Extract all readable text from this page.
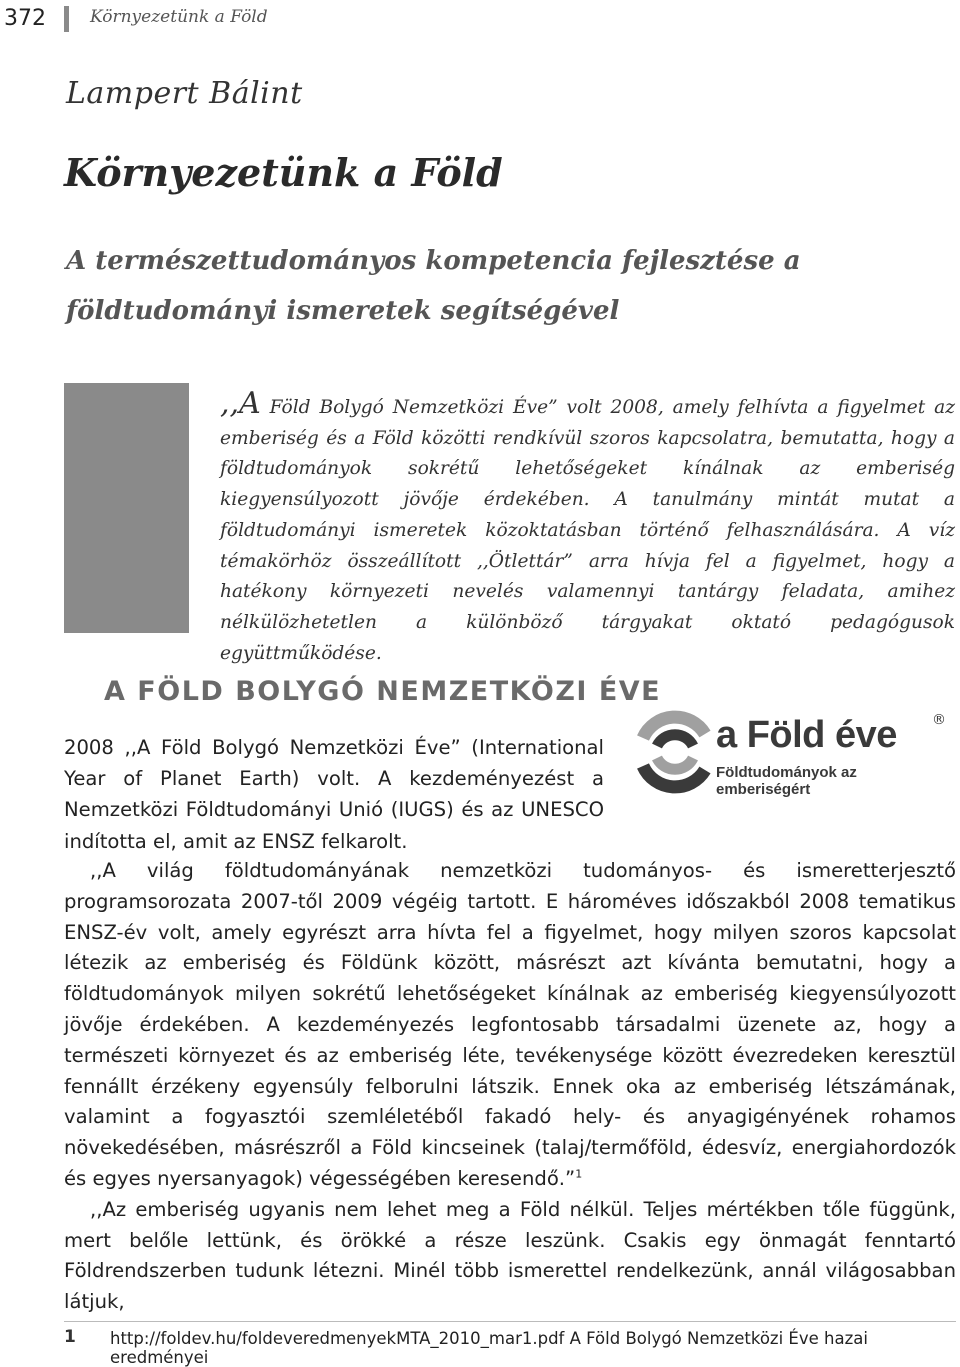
372	Környezetünk a Föld
Lampert Bálint
Környezetünk a Föld
A természettudományos kompetencia fejlesztése a földtudományi ismeretek segítségével
,,A Föld Bolygó Nemzetközi Éve” volt 2008, amely felhívta a figyelmet az emberiség és a Föld közötti rendkívül szoros kapcsolatra, bemutatta, hogy a földtudományok sokrétű lehetőségeket kínálnak az emberiség kiegyensúlyozott jövője érdekében. A tanulmány mintát mutat a földtudományi ismeretek közoktatásban történő felhasználására. A víz témakörhöz összeállított ,,Ötlettár” arra hívja fel a figyelmet, hogy a hatékony környezeti nevelés valamennyi tantárgy feladata, amihez nélkülözhetetlen a különböző tárgyakat oktató pedagógusok együttműködése.
A FÖLD BOLYGÓ NEMZETKÖZI ÉVE
2008 ,,A Föld Bolygó Nemzetközi Éve” (International Year of Planet Earth) volt. A kezdeményezést a Nemzetközi Földtudományi Unió (IUGS) és az UNESCO indította el, amit az ENSZ felkarolt.
a Föld éve	®
Földtudományok az emberiségért

,,A világ földtudományának nemzetközi tudományos- és ismeretterjesztő programsorozata 2007-től 2009 végéig tartott. E hároméves időszakból 2008 tematikus ENSZ-év volt, amely egyrészt arra hívta fel a figyelmet, hogy milyen szoros kapcsolat létezik az emberiség és Földünk között, másrészt azt kívánta bemutatni, hogy a földtudományok milyen sokrétű lehetőségeket kínálnak az emberiség kiegyensúlyozott jövője érdekében. A kezdeményezés legfontosabb társadalmi üzenete az, hogy a természeti környezet és az emberiség léte, tevékenysége között évezredeken keresztül fennállt érzékeny egyensúly felborulni látszik. Ennek oka az emberiség létszámának, valamint a fogyasztói szemléletéből fakadó hely- és anyagigényének rohamos növekedésében, másrészről a Föld kincseinek (talaj/termőföld, édesvíz, energiahordozók és egyes nyersanyagok) végességében keresendő.”$^1$

,,Az emberiség ugyanis nem lehet meg a Föld nélkül. Teljes mértékben tőle függünk, mert belőle lettünk, és örökké a része leszünk. Csakis egy önmagát fenntartó Földrendszerben tudunk létezni. Minél több ismerettel rendelkezünk, annál világosabban látjuk,

1 http://foldev.hu/foldeveredmenyekMTA_2010_mar1.pdf A Föld Bolygó Nemzetközi Éve hazai eredményei
